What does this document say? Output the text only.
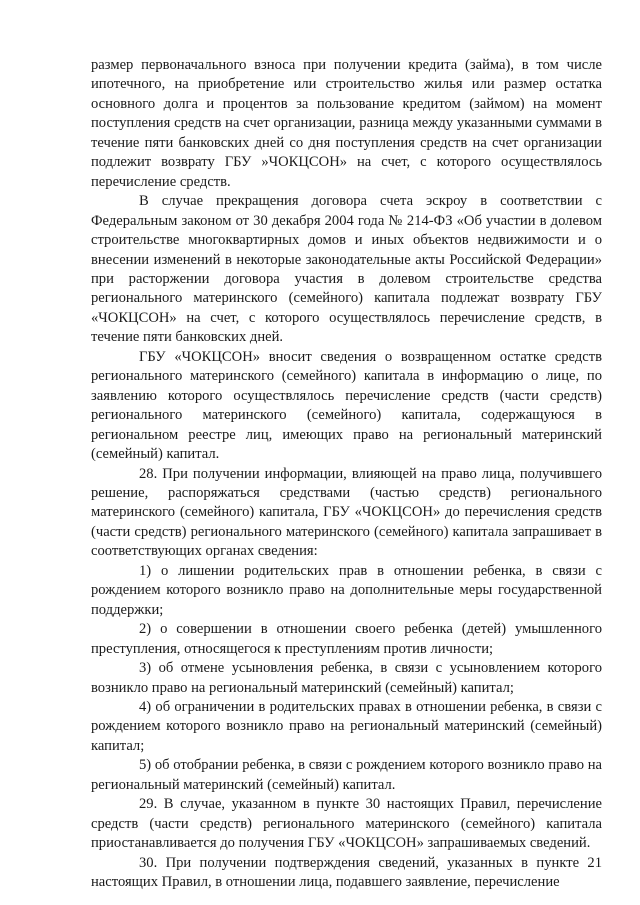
размер первоначального взноса при получении кредита (займа), в том числе ипотечного, на приобретение или строительство жилья или размер остатка основного долга и процентов за пользование кредитом (займом) на момент поступления средств на счет организации, разница между указанными суммами в течение пяти банковских дней со дня поступления средств на счет организации подлежит возврату ГБУ »ЧОКЦСОН» на счет, с которого осуществлялось перечисление средств.

В случае прекращения договора счета эскроу в соответствии с Федеральным законом от 30 декабря 2004 года № 214-ФЗ «Об участии в долевом строительстве многоквартирных домов и иных объектов недвижимости и о внесении изменений в некоторые законодательные акты Российской Федерации» при расторжении договора участия в долевом строительстве средства регионального материнского (семейного) капитала подлежат возврату ГБУ «ЧОКЦСОН» на счет, с которого осуществлялось перечисление средств, в течение пяти банковских дней.

ГБУ «ЧОКЦСОН» вносит сведения о возвращенном остатке средств регионального материнского (семейного) капитала в информацию о лице, по заявлению которого осуществлялось перечисление средств (части средств) регионального материнского (семейного) капитала, содержащуюся в региональном реестре лиц, имеющих право на региональный материнский (семейный) капитал.

28. При получении информации, влияющей на право лица, получившего решение, распоряжаться средствами (частью средств) регионального материнского (семейного) капитала, ГБУ «ЧОКЦСОН» до перечисления средств (части средств) регионального материнского (семейного) капитала запрашивает в соответствующих органах сведения:

1) о лишении родительских прав в отношении ребенка, в связи с рождением которого возникло право на дополнительные меры государственной поддержки;

2) о совершении в отношении своего ребенка (детей) умышленного преступления, относящегося к преступлениям против личности;

3) об отмене усыновления ребенка, в связи с усыновлением которого возникло право на региональный материнский (семейный) капитал;

4) об ограничении в родительских правах в отношении ребенка, в связи с рождением которого возникло право на региональный материнский (семейный) капитал;

5) об отобрании ребенка, в связи с рождением которого возникло право на региональный материнский (семейный) капитал.

29. В случае, указанном в пункте 30 настоящих Правил, перечисление средств (части средств) регионального материнского (семейного) капитала приостанавливается до получения ГБУ «ЧОКЦСОН» запрашиваемых сведений.

30. При получении подтверждения сведений, указанных в пункте 21 настоящих Правил, в отношении лица, подавшего заявление, перечисление
